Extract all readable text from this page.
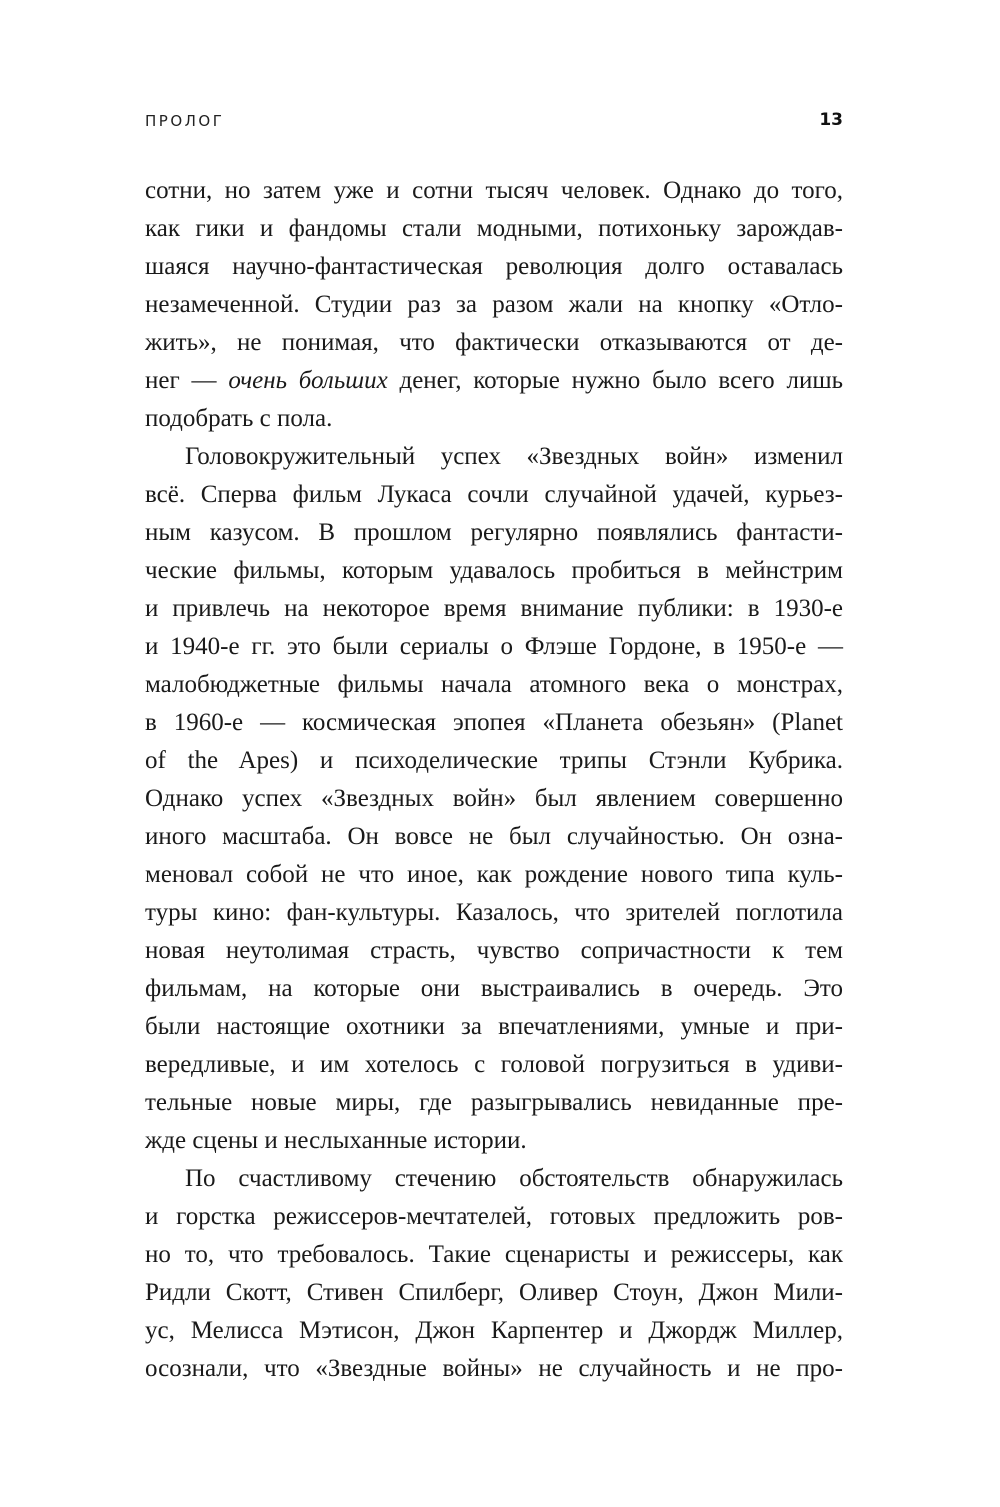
ПРОЛОГ	13
сотни, но затем уже и сотни тысяч человек. Однако до того,
как гики и фандомы стали модными, потихоньку зарождав-
шаяся научно-фантастическая революция долго оставалась
незамеченной. Студии раз за разом жали на кнопку «Отло-
жить», не понимая, что фактически отказываются от де-
нег — очень больших денег, которые нужно было всего лишь
подобрать с пола.
Головокружительный успех «Звездных войн» изменил
всё. Сперва фильм Лукаса сочли случайной удачей, курьез-
ным казусом. В прошлом регулярно появлялись фантасти-
ческие фильмы, которым удавалось пробиться в мейнстрим
и привлечь на некоторое время внимание публики: в 1930-е
и 1940-е гг. это были сериалы о Флэше Гордоне, в 1950-е —
малобюджетные фильмы начала атомного века о монстрах,
в 1960-е — космическая эпопея «Планета обезьян» (Planet
of the Apes) и психоделические трипы Стэнли Кубрика.
Однако успех «Звездных войн» был явлением совершенно
иного масштаба. Он вовсе не был случайностью. Он озна-
меновал собой не что иное, как рождение нового типа куль-
туры кино: фан-культуры. Казалось, что зрителей поглотила
новая неутолимая страсть, чувство сопричастности к тем
фильмам, на которые они выстраивались в очередь. Это
были настоящие охотники за впечатлениями, умные и при-
вередливые, и им хотелось с головой погрузиться в удиви-
тельные новые миры, где разыгрывались невиданные пре-
жде сцены и неслыханные истории.
По счастливому стечению обстоятельств обнаружилась
и горстка режиссеров-мечтателей, готовых предложить ров-
но то, что требовалось. Такие сценаристы и режиссеры, как
Ридли Скотт, Стивен Спилберг, Оливер Стоун, Джон Мили-
ус, Мелисса Мэтисон, Джон Карпентер и Джордж Миллер,
осознали, что «Звездные войны» не случайность и не про-
